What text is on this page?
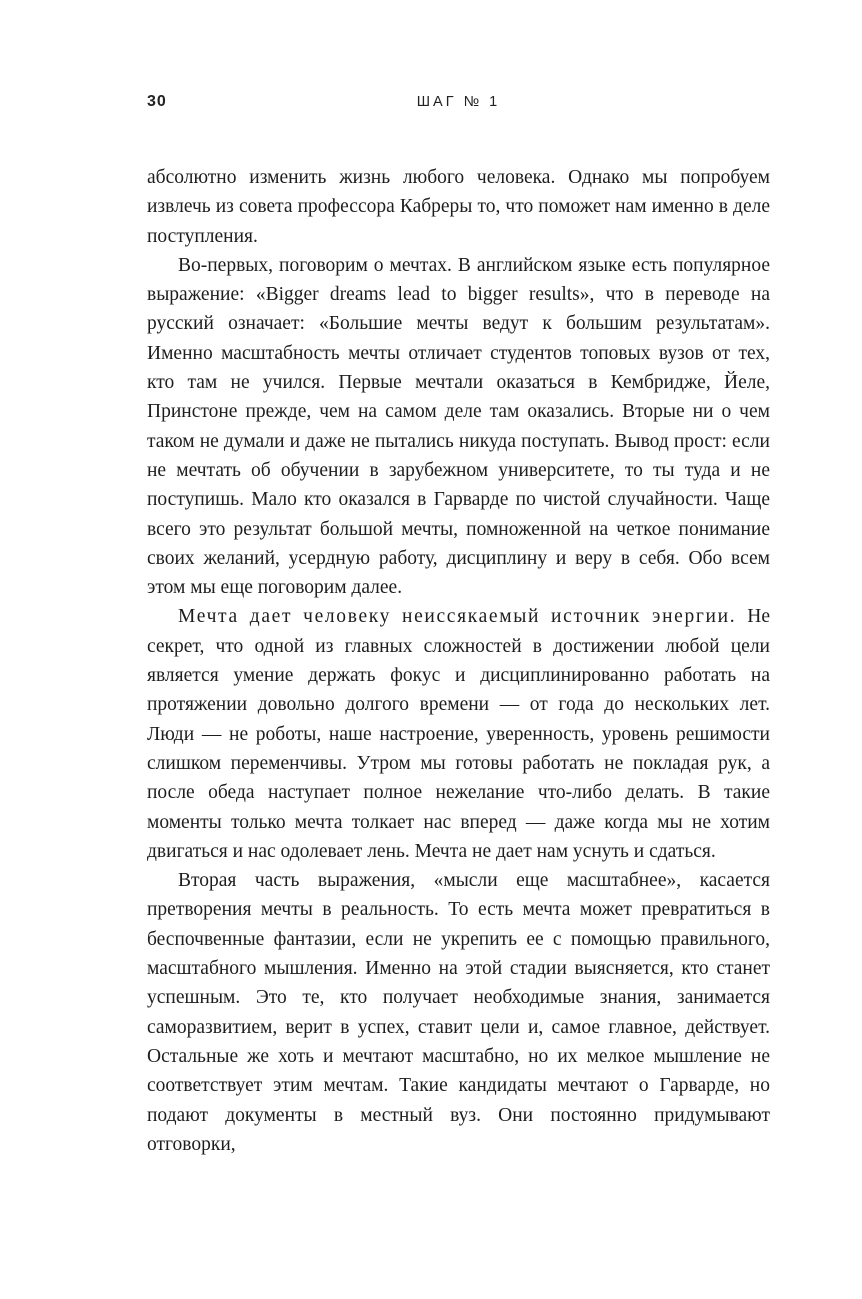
30	ШАГ № 1

абсолютно изменить жизнь любого человека. Однако мы попробуем извлечь из совета профессора Кабреры то, что поможет нам именно в деле поступления.

Во-первых, поговорим о мечтах. В английском языке есть популярное выражение: «Bigger dreams lead to bigger results», что в переводе на русский означает: «Большие мечты ведут к большим результатам». Именно масштабность мечты отличает студентов топовых вузов от тех, кто там не учился. Первые мечтали оказаться в Кембридже, Йеле, Принстоне прежде, чем на самом деле там оказались. Вторые ни о чем таком не думали и даже не пытались никуда поступать. Вывод прост: если не мечтать об обучении в зарубежном университете, то ты туда и не поступишь. Мало кто оказался в Гарварде по чистой случайности. Чаще всего это результат большой мечты, помноженной на четкое понимание своих желаний, усердную работу, дисциплину и веру в себя. Обо всем этом мы еще поговорим далее.

Мечта дает человеку неиссякаемый источник энергии. Не секрет, что одной из главных сложностей в достижении любой цели является умение держать фокус и дисциплинированно работать на протяжении довольно долгого времени — от года до нескольких лет. Люди — не роботы, наше настроение, уверенность, уровень решимости слишком переменчивы. Утром мы готовы работать не покладая рук, а после обеда наступает полное нежелание что-либо делать. В такие моменты только мечта толкает нас вперед — даже когда мы не хотим двигаться и нас одолевает лень. Мечта не дает нам уснуть и сдаться.

Вторая часть выражения, «мысли еще масштабнее», касается претворения мечты в реальность. То есть мечта может превратиться в беспочвенные фантазии, если не укрепить ее с помощью правильного, масштабного мышления. Именно на этой стадии выясняется, кто станет успешным. Это те, кто получает необходимые знания, занимается саморазвитием, верит в успех, ставит цели и, самое главное, действует. Остальные же хоть и мечтают масштабно, но их мелкое мышление не соответствует этим мечтам. Такие кандидаты мечтают о Гарварде, но подают документы в местный вуз. Они постоянно придумывают отговорки,
